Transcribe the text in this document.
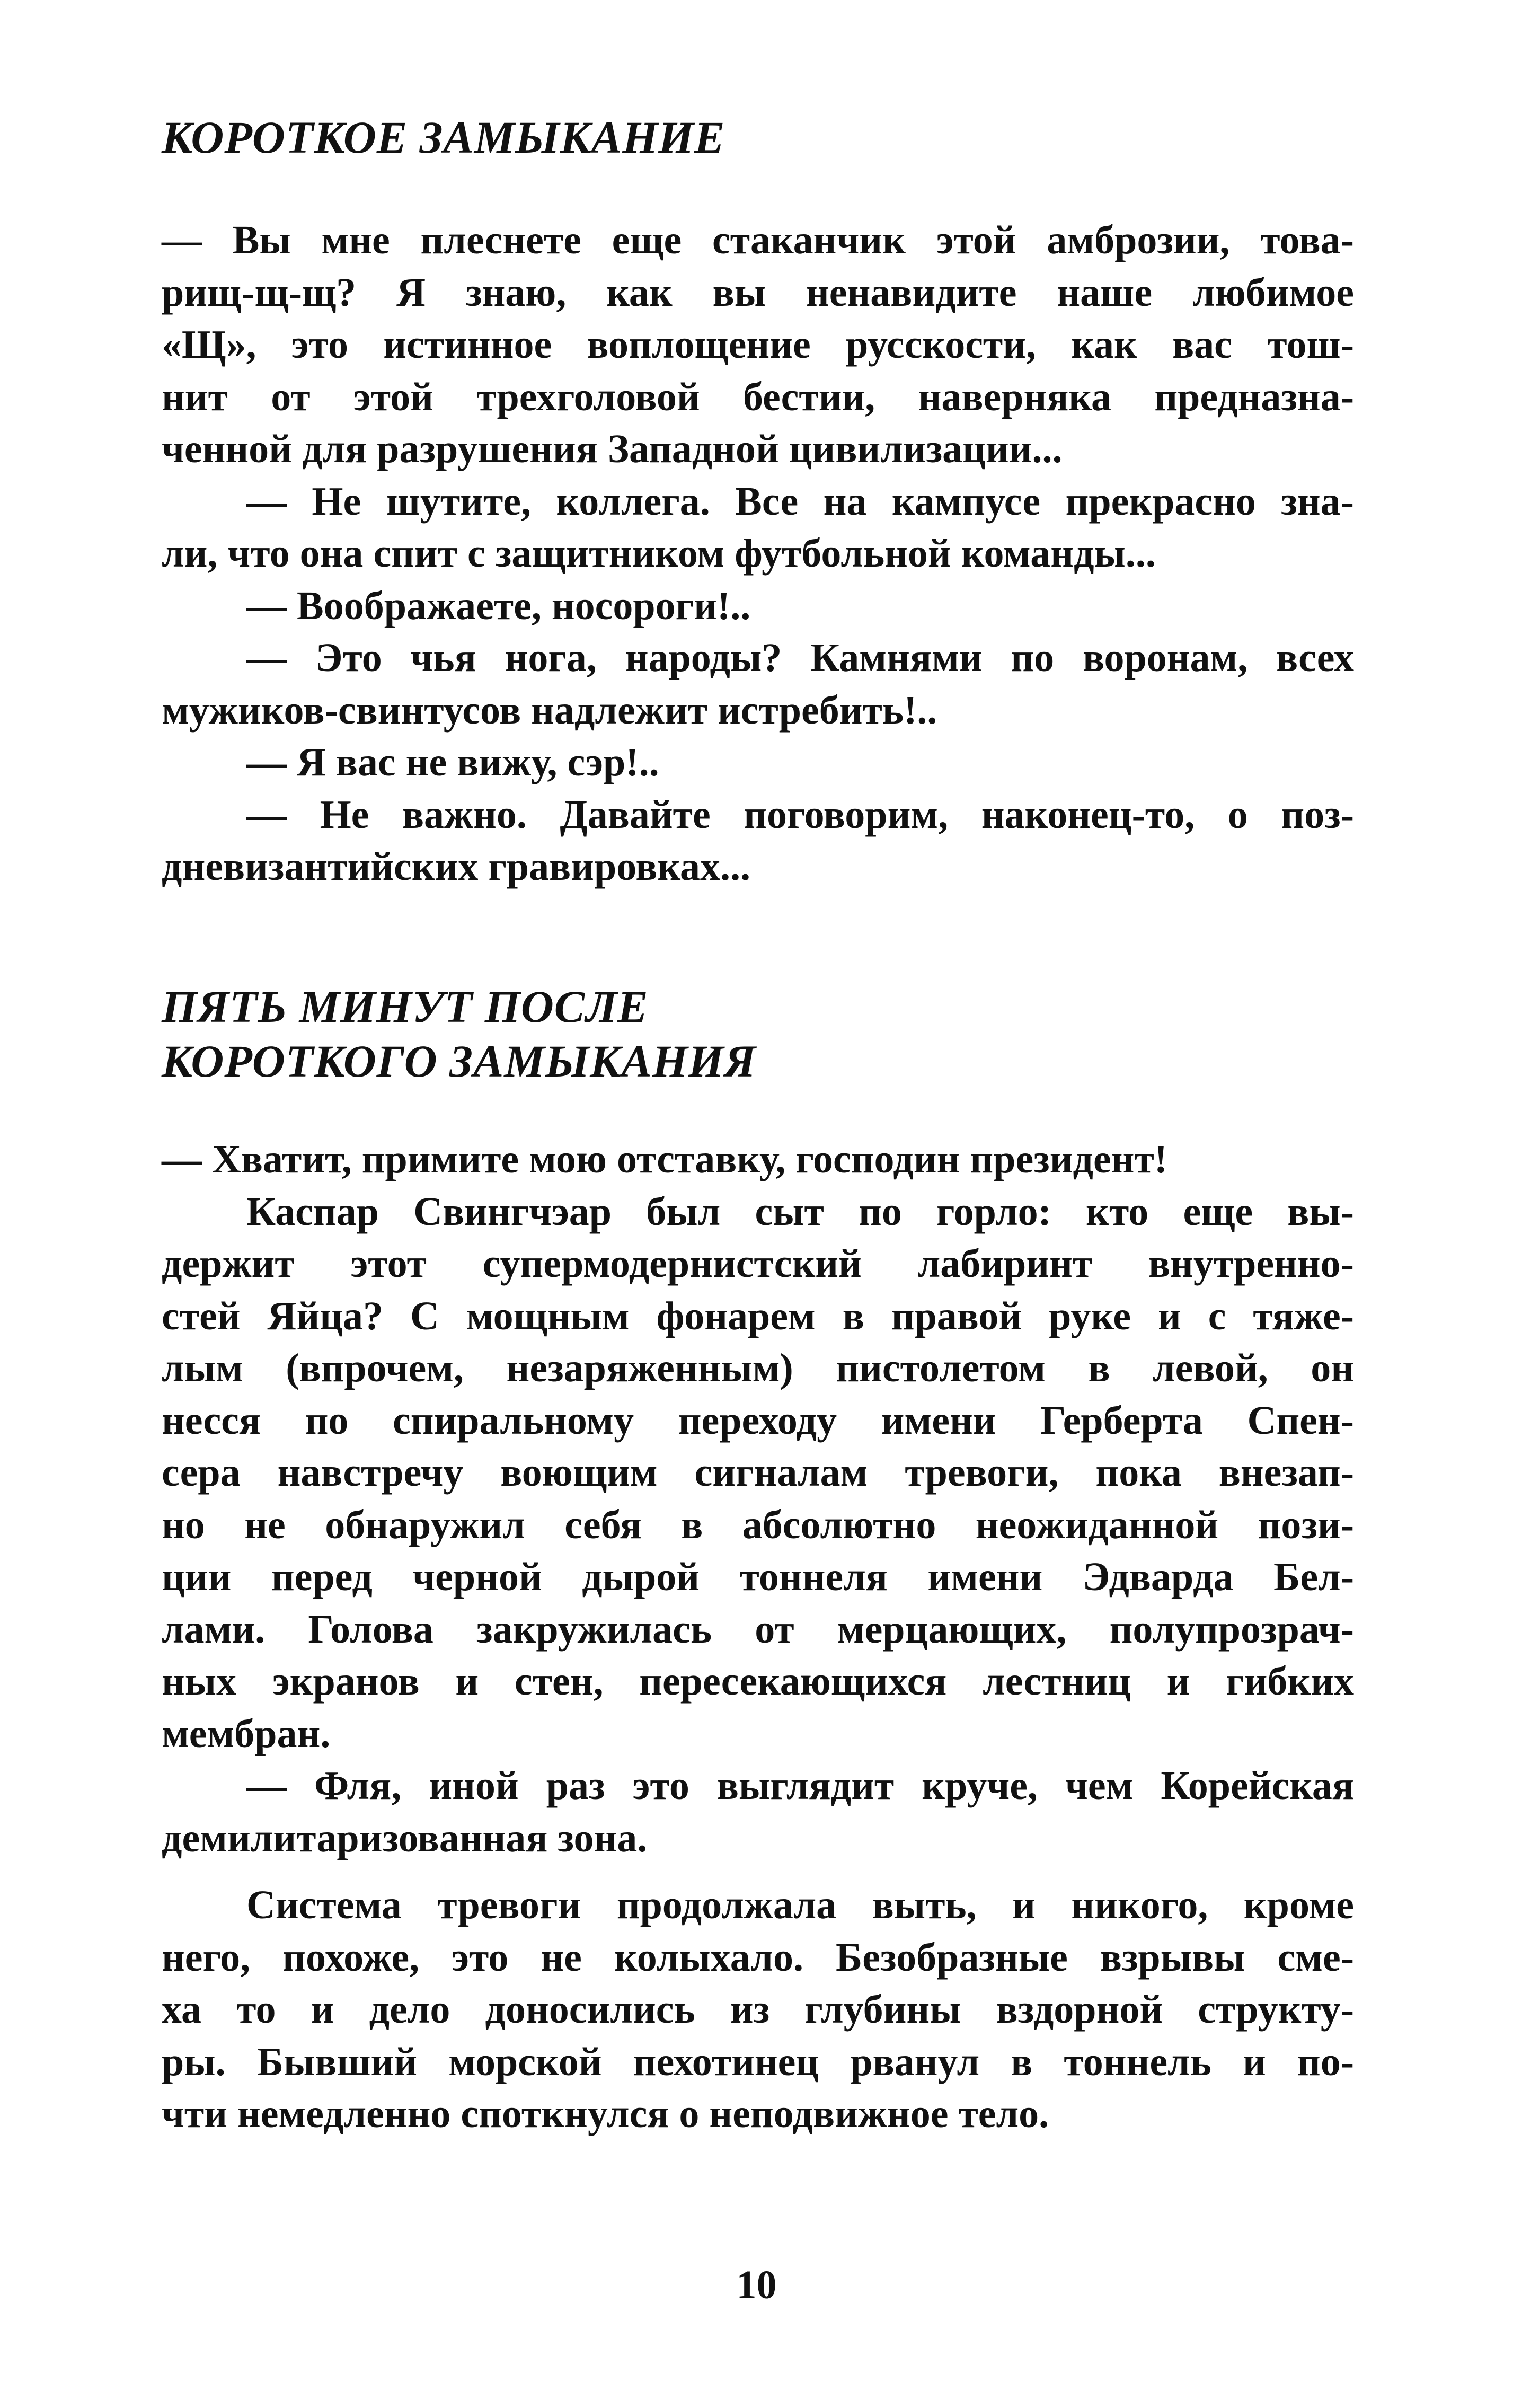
КОРОТКОЕ ЗАМЫКАНИЕ
— Вы мне плеснете еще стаканчик этой амброзии, това-
рищ-щ-щ? Я знаю, как вы ненавидите наше любимое
«Щ», это истинное воплощение русскости, как вас тош-
нит от этой трехголовой бестии, наверняка предназна-
ченной для разрушения Западной цивилизации...
— Не шутите, коллега. Все на кампусе прекрасно зна-
ли, что она спит с защитником футбольной команды...
— Воображаете, носороги!..
— Это чья нога, народы? Камнями по воронам, всех
мужиков-свинтусов надлежит истребить!..
— Я вас не вижу, сэр!..
— Не важно. Давайте поговорим, наконец-то, о поз-
дневизантийских гравировках...
ПЯТЬ МИНУТ ПОСЛЕ
КОРОТКОГО ЗАМЫКАНИЯ
— Хватит, примите мою отставку, господин президент!
Каспар Свингчэар был сыт по горло: кто еще вы-
держит этот супермодернистский лабиринт внутренно-
стей Яйца? С мощным фонарем в правой руке и с тяже-
лым (впрочем, незаряженным) пистолетом в левой, он
несся по спиральному переходу имени Герберта Спен-
сера навстречу воющим сигналам тревоги, пока внезап-
но не обнаружил себя в абсолютно неожиданной пози-
ции перед черной дырой тоннеля имени Эдварда Бел-
лами. Голова закружилась от мерцающих, полупрозрач-
ных экранов и стен, пересекающихся лестниц и гибких
мембран.
— Фля, иной раз это выглядит круче, чем Корейская
демилитаризованная зона.
Система тревоги продолжала выть, и никого, кроме
него, похоже, это не колыхало. Безобразные взрывы сме-
ха то и дело доносились из глубины вздорной структу-
ры. Бывший морской пехотинец рванул в тоннель и по-
чти немедленно споткнулся о неподвижное тело.
10
